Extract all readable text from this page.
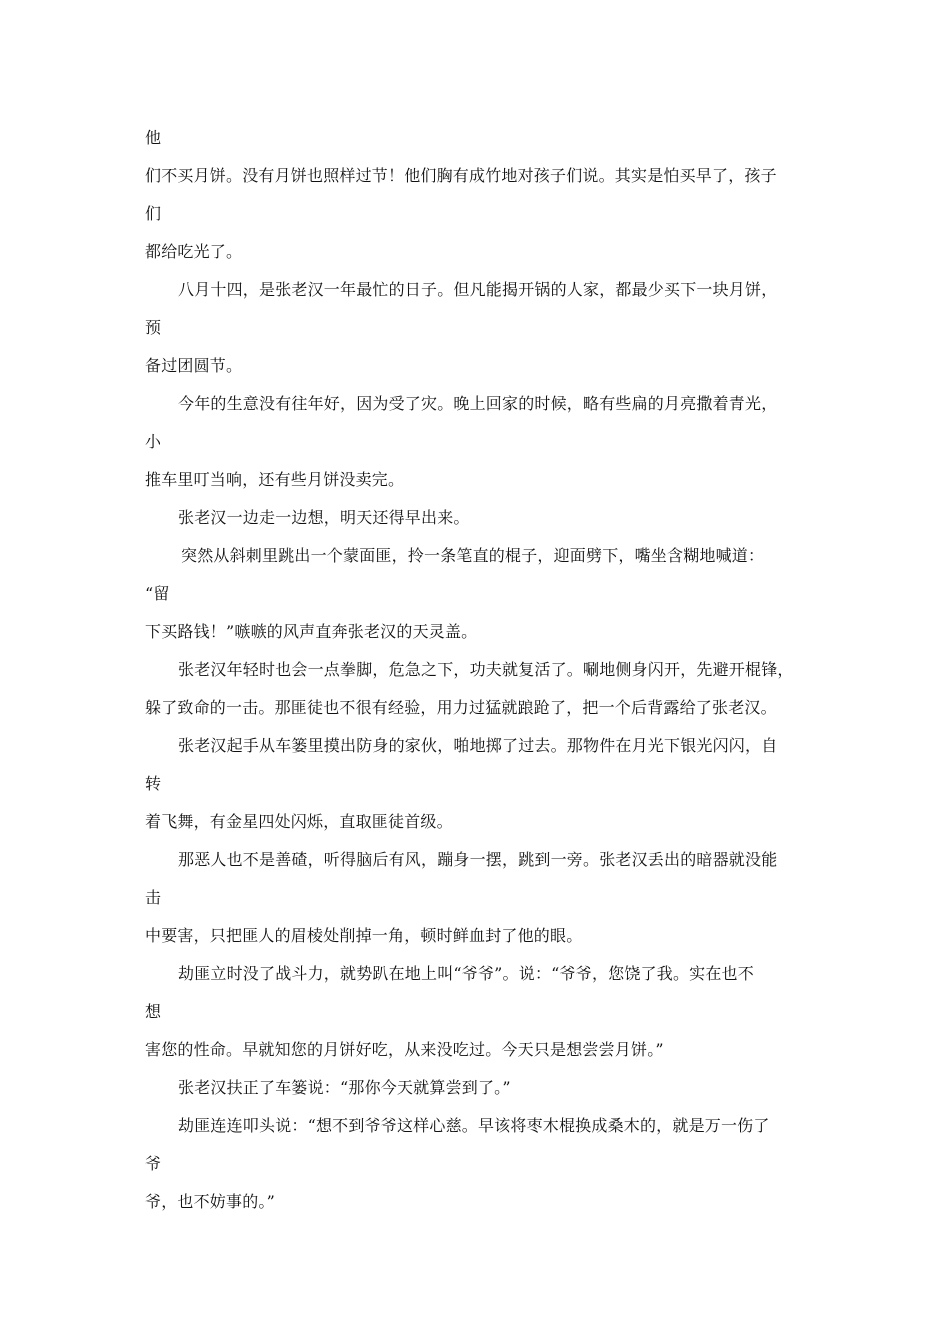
他
们不买月饼。没有月饼也照样过节！他们胸有成竹地对孩子们说。其实是怕买早了，孩子
们
都给吃光了。
八月十四，是张老汉一年最忙的日子。但凡能揭开锅的人家，都最少买下一块月饼，
预
备过团圆节。
今年的生意没有往年好，因为受了灾。晚上回家的时候，略有些扁的月亮撒着青光，
小
推车里叮当响，还有些月饼没卖完。
张老汉一边走一边想，明天还得早出来。
突然从斜刺里跳出一个蒙面匪，拎一条笔直的棍子，迎面劈下，嘴坐含糊地喊道：
“留
下买路钱！”嗾嗾的风声直奔张老汉的天灵盖。
张老汉年轻时也会一点拳脚，危急之下，功夫就复活了。唰地侧身闪开，先避开棍锋，
躲了致命的一击。那匪徒也不很有经验，用力过猛就踉跄了，把一个后背露给了张老汉。
张老汉起手从车篓里摸出防身的家伙，啪地掷了过去。那物件在月光下银光闪闪，自
转
着飞舞，有金星四处闪烁，直取匪徒首级。
那恶人也不是善碴，听得脑后有风，蹦身一摆，跳到一旁。张老汉丢出的暗器就没能
击
中要害，只把匪人的眉棱处削掉一角，顿时鲜血封了他的眼。
劫匪立时没了战斗力，就势趴在地上叫“爷爷”。说：“爷爷，您饶了我。实在也不
想
害您的性命。早就知您的月饼好吃，从来没吃过。今天只是想尝尝月饼。”
张老汉扶正了车篓说：“那你今天就算尝到了。”
劫匪连连叩头说：“想不到爷爷这样心慈。早该将枣木棍换成桑木的，就是万一伤了
爷
爷，也不妨事的。”
